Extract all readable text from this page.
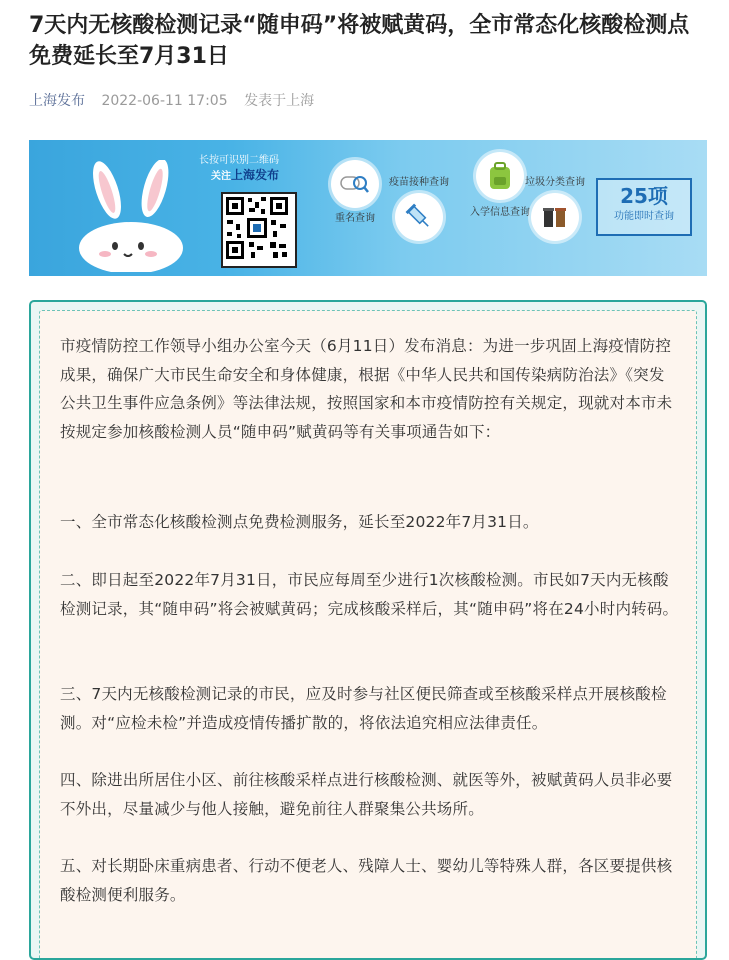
7天内无核酸检测记录“随申码”将被赋黄码，全市常态化核酸检测点免费延长至7月31日
上海发布 2022-06-11 17:05 发表于上海
长按可识别二维码
关注上海发布
重名查询
疫苗接种查询
入学信息查询
垃圾分类查询
25项
功能即时查询

市疫情防控工作领导小组办公室今天（6月11日）发布消息：为进一步巩固上海疫情防控成果，确保广大市民生命安全和身体健康，根据《中华人民共和国传染病防治法》《突发公共卫生事件应急条例》等法律法规，按照国家和本市疫情防控有关规定，现就对本市未按规定参加核酸检测人员“随申码”赋黄码等有关事项通告如下：

一、全市常态化核酸检测点免费检测服务，延长至2022年7月31日。

二、即日起至2022年7月31日，市民应每周至少进行1次核酸检测。市民如7天内无核酸检测记录，其“随申码”将会被赋黄码；完成核酸采样后，其“随申码”将在24小时内转码。

三、7天内无核酸检测记录的市民，应及时参与社区便民筛查或至核酸采样点开展核酸检测。对“应检未检”并造成疫情传播扩散的，将依法追究相应法律责任。

四、除进出所居住小区、前往核酸采样点进行核酸检测、就医等外，被赋黄码人员非必要不外出，尽量减少与他人接触，避免前往人群聚集公共场所。

五、对长期卧床重病患者、行动不便老人、残障人士、婴幼儿等特殊人群，各区要提供核酸检测便利服务。
